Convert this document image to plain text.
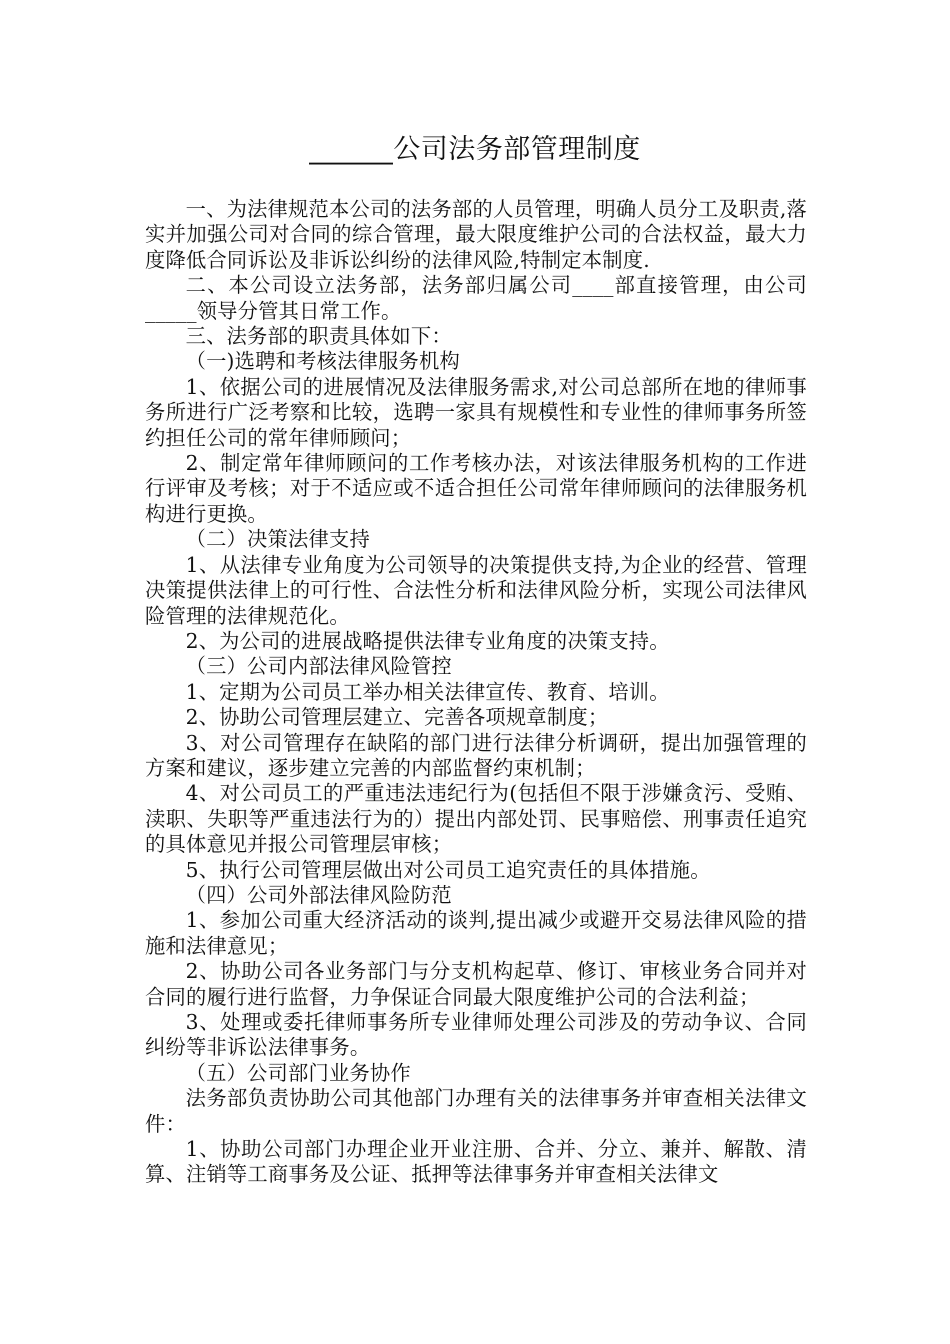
______公司法务部管理制度

一、为法律规范本公司的法务部的人员管理，明确人员分工及职责,落实并加强公司对合同的综合管理，最大限度维护公司的合法权益，最大力度降低合同诉讼及非诉讼纠纷的法律风险,特制定本制度.

二、本公司设立法务部，法务部归属公司____部直接管理，由公司_____领导分管其日常工作。

三、法务部的职责具体如下：

（一)选聘和考核法律服务机构

1、依据公司的进展情况及法律服务需求,对公司总部所在地的律师事务所进行广泛考察和比较，选聘一家具有规模性和专业性的律师事务所签约担任公司的常年律师顾问；

2、制定常年律师顾问的工作考核办法，对该法律服务机构的工作进行评审及考核；对于不适应或不适合担任公司常年律师顾问的法律服务机构进行更换。

（二）决策法律支持

1、从法律专业角度为公司领导的决策提供支持,为企业的经营、管理决策提供法律上的可行性、合法性分析和法律风险分析，实现公司法律风险管理的法律规范化。

2、为公司的进展战略提供法律专业角度的决策支持。

（三）公司内部法律风险管控

1、定期为公司员工举办相关法律宣传、教育、培训。

2、协助公司管理层建立、完善各项规章制度；

3、对公司管理存在缺陷的部门进行法律分析调研，提出加强管理的方案和建议，逐步建立完善的内部监督约束机制；

4、对公司员工的严重违法违纪行为(包括但不限于涉嫌贪污、受贿、渎职、失职等严重违法行为的）提出内部处罚、民事赔偿、刑事责任追究的具体意见并报公司管理层审核；

5、执行公司管理层做出对公司员工追究责任的具体措施。

（四）公司外部法律风险防范

1、参加公司重大经济活动的谈判,提出减少或避开交易法律风险的措施和法律意见；

2、协助公司各业务部门与分支机构起草、修订、审核业务合同并对合同的履行进行监督，力争保证合同最大限度维护公司的合法利益；

3、处理或委托律师事务所专业律师处理公司涉及的劳动争议、合同纠纷等非诉讼法律事务。

（五）公司部门业务协作

法务部负责协助公司其他部门办理有关的法律事务并审查相关法律文件：

1、协助公司部门办理企业开业注册、合并、分立、兼并、解散、清算、注销等工商事务及公证、抵押等法律事务并审查相关法律文
